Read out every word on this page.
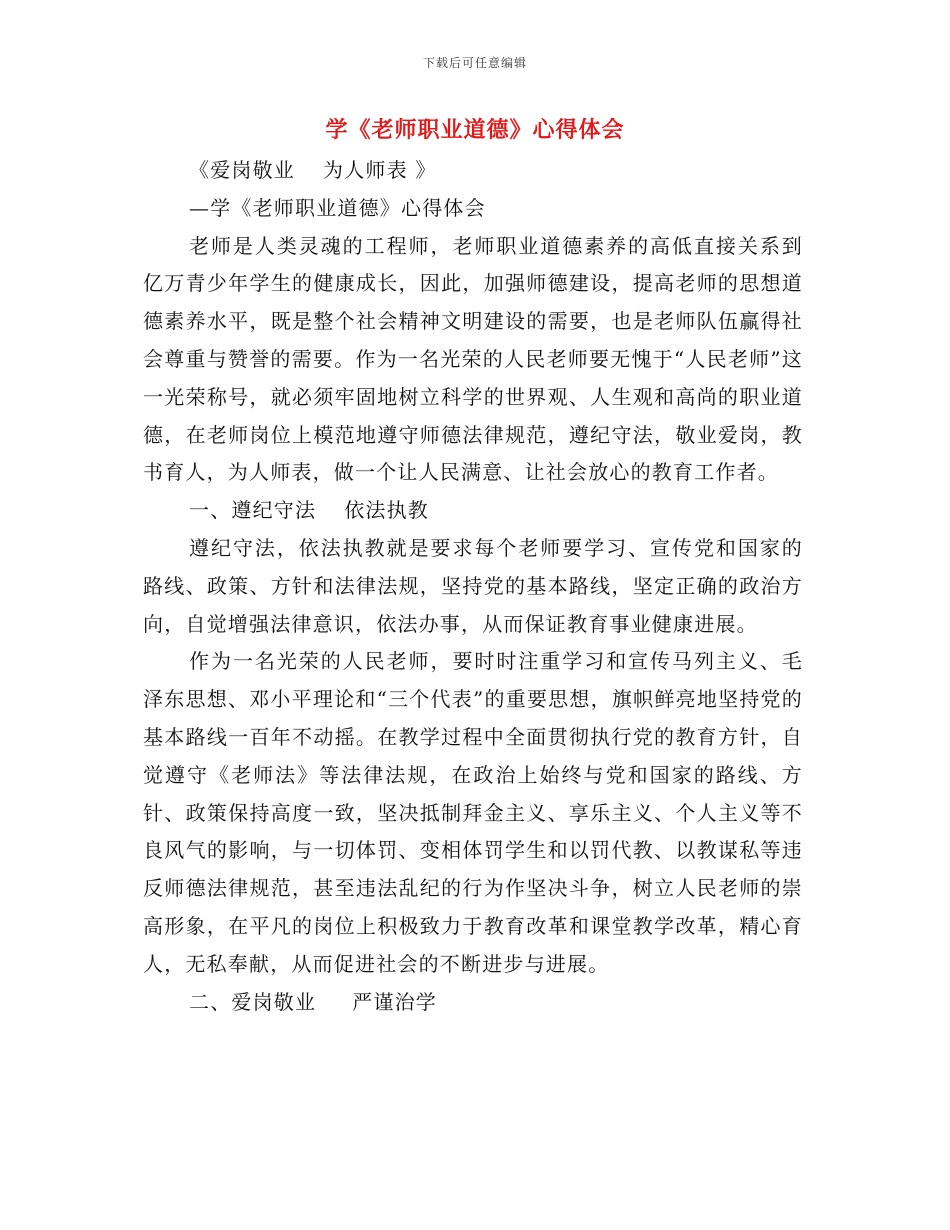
下载后可任意编辑
学《老师职业道德》心得体会

《爱岗敬业 为人师表 》

—学《老师职业道德》心得体会

老师是人类灵魂的工程师，老师职业道德素养的高低直接关系到亿万青少年学生的健康成长，因此，加强师德建设，提高老师的思想道德素养水平，既是整个社会精神文明建设的需要，也是老师队伍赢得社会尊重与赞誉的需要。作为一名光荣的人民老师要无愧于“人民老师”这一光荣称号，就必须牢固地树立科学的世界观、人生观和高尚的职业道德，在老师岗位上模范地遵守师德法律规范，遵纪守法，敬业爱岗，教书育人，为人师表，做一个让人民满意、让社会放心的教育工作者。

一、遵纪守法 依法执教

遵纪守法，依法执教就是要求每个老师要学习、宣传党和国家的路线、政策、方针和法律法规，坚持党的基本路线，坚定正确的政治方向，自觉增强法律意识，依法办事，从而保证教育事业健康进展。

作为一名光荣的人民老师，要时时注重学习和宣传马列主义、毛泽东思想、邓小平理论和“三个代表”的重要思想，旗帜鲜亮地坚持党的基本路线一百年不动摇。在教学过程中全面贯彻执行党的教育方针，自觉遵守《老师法》等法律法规，在政治上始终与党和国家的路线、方针、政策保持高度一致，坚决抵制拜金主义、享乐主义、个人主义等不良风气的影响，与一切体罚、变相体罚学生和以罚代教、以教谋私等违反师德法律规范，甚至违法乱纪的行为作坚决斗争，树立人民老师的崇高形象，在平凡的岗位上积极致力于教育改革和课堂教学改革，精心育人，无私奉献，从而促进社会的不断进步与进展。

二、爱岗敬业 严谨治学
